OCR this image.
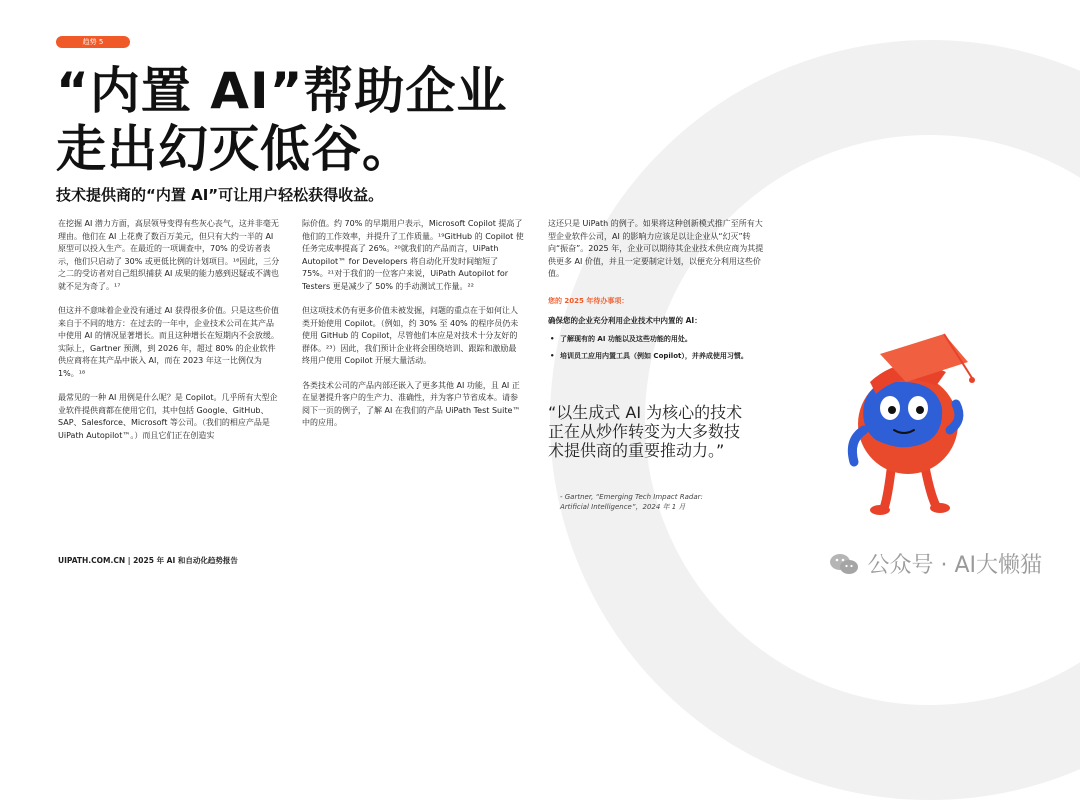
趋势 5
“内置 AI”帮助企业
走出幻灭低谷。
技术提供商的“内置 AI”可让用户轻松获得收益。

在挖掘 AI 潜力方面，高层领导变得有些灰心丧气，这并非毫无理由。他们在 AI 上花费了数百万美元，但只有大约一半的 AI 原型可以投入生产。在最近的一项调查中，70% 的受访者表示，他们只启动了 30% 或更低比例的计划项目。¹⁶因此，三分之二的受访者对自己组织捕获 AI 成果的能力感到迟疑或不满也就不足为奇了。¹⁷

但这并不意味着企业没有通过 AI 获得很多价值。只是这些价值来自于不同的地方：在过去的一年中，企业技术公司在其产品中使用 AI 的情况显著增长。而且这种增长在短期内不会放缓。实际上，Gartner 预测，到 2026 年，超过 80% 的企业软件供应商将在其产品中嵌入 AI，而在 2023 年这一比例仅为 1%。¹⁸

最常见的一种 AI 用例是什么呢？是 Copilot。几乎所有大型企业软件提供商都在使用它们，其中包括 Google、GitHub、SAP、Salesforce、Microsoft 等公司。（我们的相应产品是 UiPath Autopilot™。）而且它们正在创造实

际价值。约 70% 的早期用户表示，Microsoft Copilot 提高了他们的工作效率，并提升了工作质量。¹⁹GitHub 的 Copilot 使任务完成率提高了 26%。²⁰就我们的产品而言，UiPath Autopilot™ for Developers 将自动化开发时间缩短了 75%。²¹对于我们的一位客户来说，UiPath Autopilot for Testers 更是减少了 50% 的手动测试工作量。²²

但这项技术仍有更多价值未被发掘，问题的重点在于如何让人类开始使用 Copilot。（例如，约 30% 至 40% 的程序员仍未使用 GitHub 的 Copilot，尽管他们本应是对技术十分友好的群体。²³）因此，我们预计企业将会围绕培训、跟踪和激励最终用户使用 Copilot 开展大量活动。

各类技术公司的产品内部还嵌入了更多其他 AI 功能，且 AI 正在显著提升客户的生产力、准确性，并为客户节省成本。请参阅下一页的例子，了解 AI 在我们的产品 UiPath Test Suite™ 中的应用。

这还只是 UiPath 的例子。如果将这种创新模式推广至所有大型企业软件公司，AI 的影响力应该足以让企业从“幻灭”转向“振奋”。2025 年，企业可以期待其企业技术供应商为其提供更多 AI 价值，并且一定要制定计划，以便充分利用这些价值。

您的 2025 年待办事项：
确保您的企业充分利用企业技术中内置的 AI：
• 了解现有的 AI 功能以及这些功能的用处。
• 培训员工应用内置工具（例如 Copilot），并养成使用习惯。

“以生成式 AI 为核心的技术正在从炒作转变为大多数技术提供商的重要推动力。”

- Gartner, “Emerging Tech Impact Radar: Artificial Intelligence”，2024 年 1 月
UIPATH.COM.CN | 2025 年 AI 和自动化趋势报告	公众号 · AI大懒猫
